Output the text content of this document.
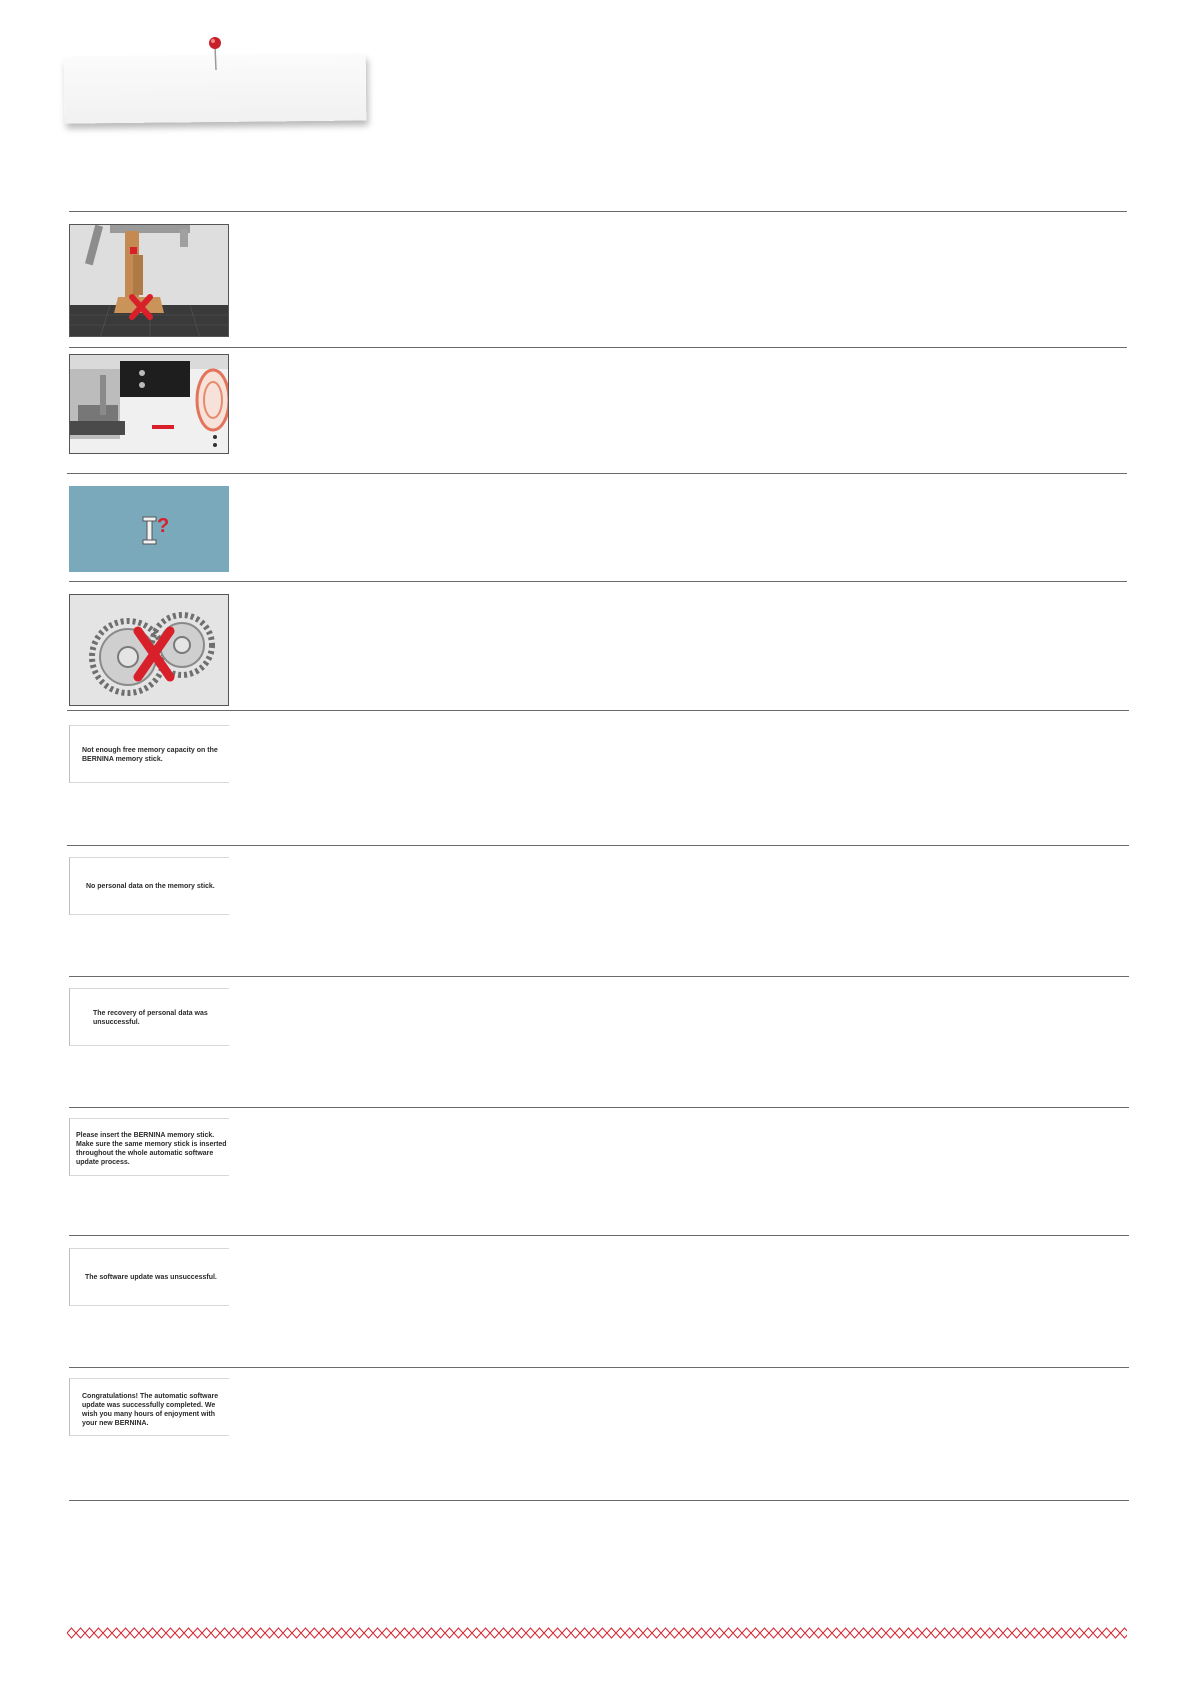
?
Not enough free memory capacity on the
BERNINA memory stick.
No personal data on the memory stick.
The recovery of personal data was
unsuccessful.
Please insert the BERNINA memory stick.
Make sure the same memory stick is inserted
throughout the whole automatic software
update process.
The software update was unsuccessful.
Congratulations! The automatic software
update was successfully completed. We
wish you many hours of enjoyment with
your new BERNINA.
